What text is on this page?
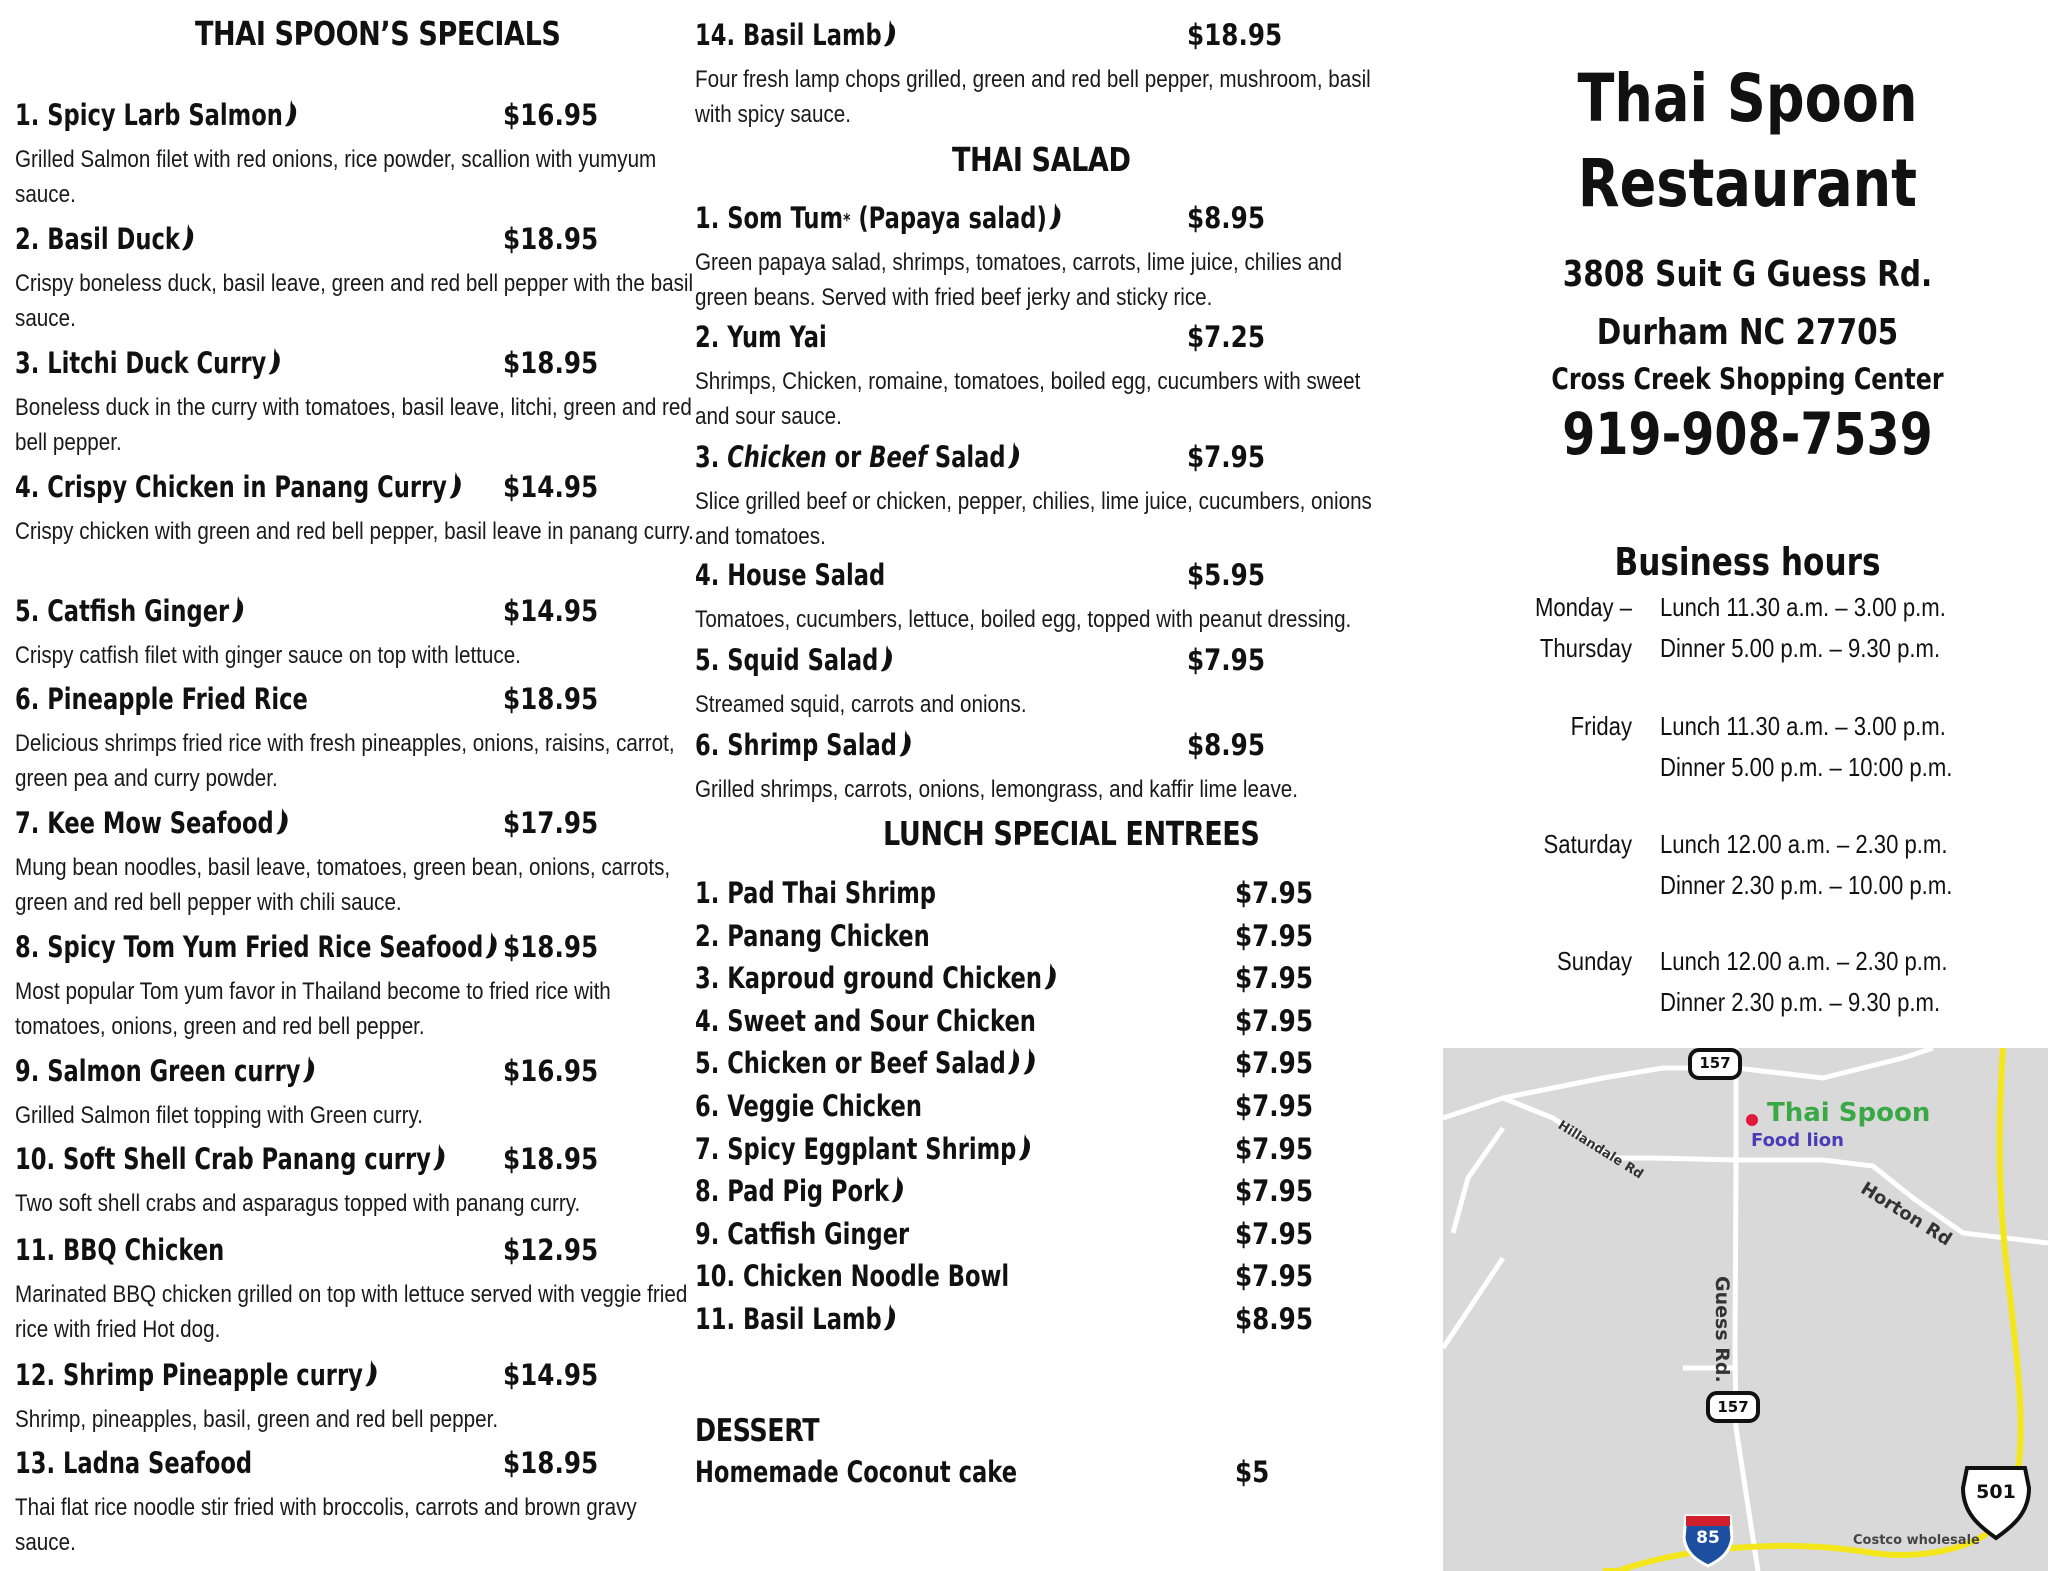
THAI SPOON’S SPECIALS
1. Spicy Larb Salmon	$16.95
Grilled Salmon filet with red onions, rice powder, scallion with yumyum sauce.
2. Basil Duck	$18.95
Crispy boneless duck, basil leave, green and red bell pepper with the basil sauce.
3. Litchi Duck Curry	$18.95
Boneless duck in the curry with tomatoes, basil leave, litchi, green and red bell pepper.
4. Crispy Chicken in Panang Curry	$14.95
Crispy chicken with green and red bell pepper, basil leave in panang curry.
5. Catfish Ginger	$14.95
Crispy catfish filet with ginger sauce on top with lettuce.
6. Pineapple Fried Rice	$18.95
Delicious shrimps fried rice with fresh pineapples, onions, raisins, carrot, green pea and curry powder.
7. Kee Mow Seafood	$17.95
Mung bean noodles, basil leave, tomatoes, green bean, onions, carrots, green and red bell pepper with chili sauce.
8. Spicy Tom Yum Fried Rice Seafood $18.95
Most popular Tom yum favor in Thailand become to fried rice with tomatoes, onions, green and red bell pepper.
9. Salmon Green curry	$16.95
Grilled Salmon filet topping with Green curry.
10. Soft Shell Crab Panang curry	$18.95
Two soft shell crabs and asparagus topped with panang curry.
11. BBQ Chicken	$12.95
Marinated BBQ chicken grilled on top with lettuce served with veggie fried rice with fried Hot dog.
12. Shrimp Pineapple curry	$14.95
Shrimp, pineapples, basil, green and red bell pepper.
13. Ladna Seafood	$18.95
Thai flat rice noodle stir fried with broccolis, carrots and brown gravy sauce.
14. Basil Lamb	$18.95
Four fresh lamp chops grilled, green and red bell pepper, mushroom, basil with spicy sauce.
THAI SALAD
1. Som Tum* (Papaya salad)	$8.95
Green papaya salad, shrimps, tomatoes, carrots, lime juice, chilies and green beans. Served with fried beef jerky and sticky rice.
2. Yum Yai	$7.25
Shrimps, Chicken, romaine, tomatoes, boiled egg, cucumbers with sweet and sour sauce.
3. Chicken or Beef Salad	$7.95
Slice grilled beef or chicken, pepper, chilies, lime juice, cucumbers, onions and tomatoes.
4. House Salad	$5.95
Tomatoes, cucumbers, lettuce, boiled egg, topped with peanut dressing.
5. Squid Salad	$7.95
Streamed squid, carrots and onions.
6. Shrimp Salad	$8.95
Grilled shrimps, carrots, onions, lemongrass, and kaffir lime leave.
LUNCH SPECIAL ENTREES
1. Pad Thai Shrimp	$7.95
2. Panang Chicken	$7.95
3. Kaproud ground Chicken	$7.95
4. Sweet and Sour Chicken	$7.95
5. Chicken or Beef Salad	$7.95
6. Veggie Chicken	$7.95
7. Spicy Eggplant Shrimp	$7.95
8. Pad Pig Pork	$7.95
9. Catfish Ginger	$7.95
10. Chicken Noodle Bowl	$7.95
11. Basil Lamb	$8.95
DESSERT
Homemade Coconut cake	$5
Thai Spoon
Restaurant
3808 Suit G Guess Rd.
Durham NC 27705
Cross Creek Shopping Center
919-908-7539
Business hours
Monday – Lunch 11.30 a.m. – 3.00 p.m.
Thursday Dinner 5.00 p.m. – 9.30 p.m.
Friday Lunch 11.30 a.m. – 3.00 p.m.
Dinner 5.00 p.m. – 10:00 p.m.
Saturday Lunch 12.00 a.m. – 2.30 p.m.
Dinner 2.30 p.m. – 10.00 p.m.
Sunday Lunch 12.00 a.m. – 2.30 p.m.
Dinner 2.30 p.m. – 9.30 p.m.
157
157
501
85
Thai Spoon
Food lion
Hillandale Rd
Horton Rd
Guess Rd.
Costco wholesale
